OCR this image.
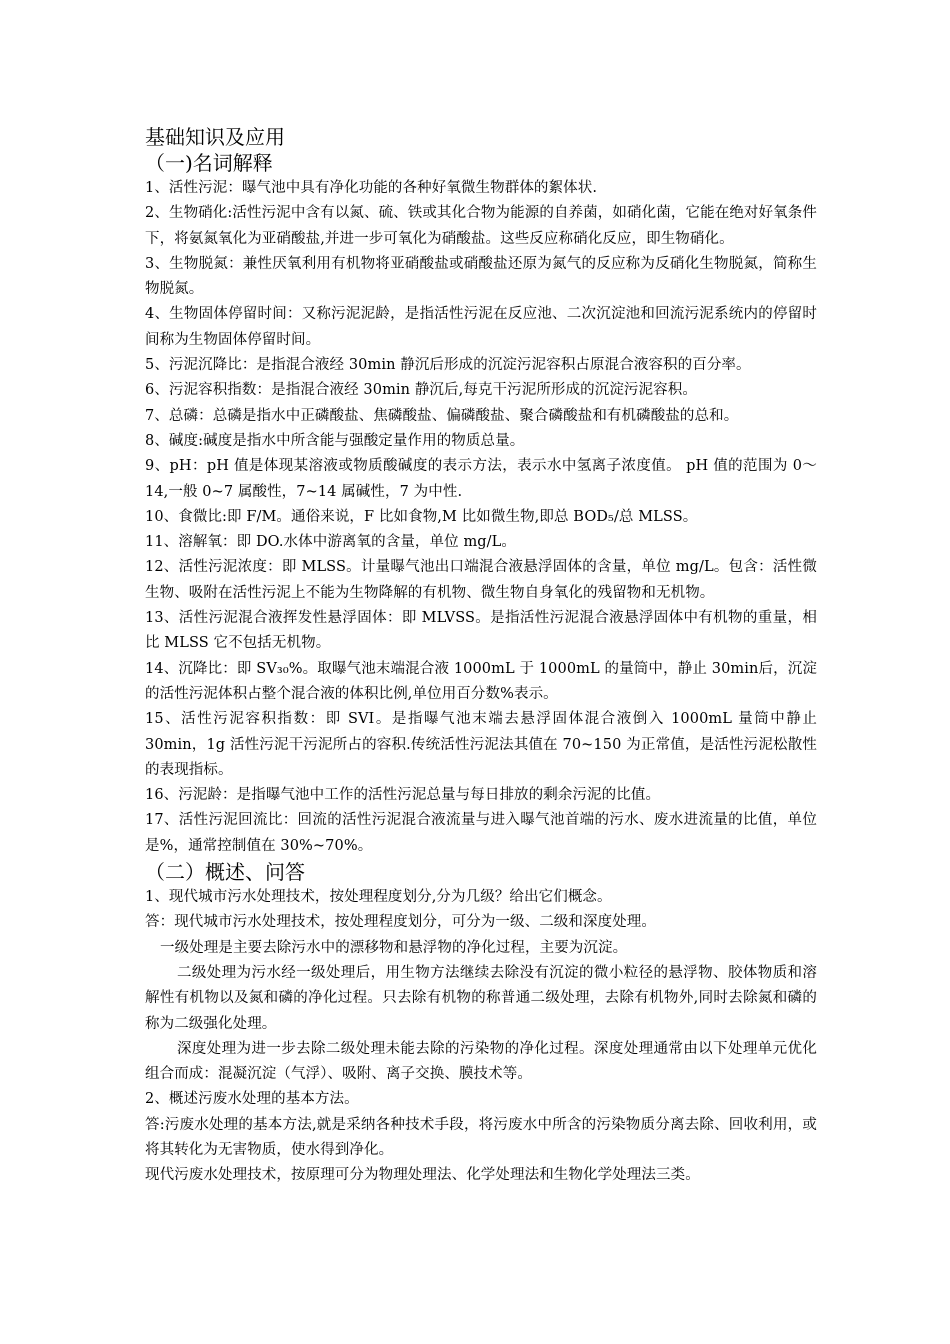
基础知识及应用
（一)名词解释

1、活性污泥：曝气池中具有净化功能的各种好氧微生物群体的絮体状.

2、生物硝化:活性污泥中含有以氮、硫、铁或其化合物为能源的自养菌，如硝化菌，它能在绝对好氧条件下，将氨氮氧化为亚硝酸盐,并进一步可氧化为硝酸盐。这些反应称硝化反应，即生物硝化。

3、生物脱氮：兼性厌氧利用有机物将亚硝酸盐或硝酸盐还原为氮气的反应称为反硝化生物脱氮，简称生物脱氮。

4、生物固体停留时间：又称污泥泥龄，是指活性污泥在反应池、二次沉淀池和回流污泥系统内的停留时间称为生物固体停留时间。

5、污泥沉降比：是指混合液经 30min 静沉后形成的沉淀污泥容积占原混合液容积的百分率。

6、污泥容积指数：是指混合液经 30min 静沉后,每克干污泥所形成的沉淀污泥容积。

7、总磷：总磷是指水中正磷酸盐、焦磷酸盐、偏磷酸盐、聚合磷酸盐和有机磷酸盐的总和。

8、碱度:碱度是指水中所含能与强酸定量作用的物质总量。

9、pH：pH 值是体现某溶液或物质酸碱度的表示方法，表示水中氢离子浓度值。 pH 值的范围为 0～14,一般 0~7 属酸性，7~14 属碱性，7 为中性.

10、食微比:即 F/M。通俗来说，F 比如食物,M 比如微生物,即总 BOD₅/总 MLSS。

11、溶解氧：即 DO.水体中游离氧的含量，单位 mg/L。

12、活性污泥浓度：即 MLSS。计量曝气池出口端混合液悬浮固体的含量，单位 mg/L。包含：活性微生物、吸附在活性污泥上不能为生物降解的有机物、微生物自身氧化的残留物和无机物。

13、活性污泥混合液挥发性悬浮固体：即 MLVSS。是指活性污泥混合液悬浮固体中有机物的重量，相比 MLSS 它不包括无机物。

14、沉降比：即 SV₃₀%。取曝气池末端混合液 1000mL 于 1000mL 的量筒中，静止 30min后，沉淀的活性污泥体积占整个混合液的体积比例,单位用百分数%表示。

15、活性污泥容积指数：即 SVI。是指曝气池末端去悬浮固体混合液倒入 1000mL 量筒中静止 30min，1g 活性污泥干污泥所占的容积.传统活性污泥法其值在 70~150 为正常值，是活性污泥松散性的表现指标。

16、污泥龄：是指曝气池中工作的活性污泥总量与每日排放的剩余污泥的比值。

17、活性污泥回流比：回流的活性污泥混合液流量与进入曝气池首端的污水、废水进流量的比值，单位是%，通常控制值在 30%~70%。

（二）概述、问答

1、现代城市污水处理技术，按处理程度划分,分为几级？给出它们概念。

答：现代城市污水处理技术，按处理程度划分，可分为一级、二级和深度处理。

一级处理是主要去除污水中的漂移物和悬浮物的净化过程，主要为沉淀。

二级处理为污水经一级处理后，用生物方法继续去除没有沉淀的微小粒径的悬浮物、胶体物质和溶解性有机物以及氮和磷的净化过程。只去除有机物的称普通二级处理，去除有机物外,同时去除氮和磷的称为二级强化处理。

深度处理为进一步去除二级处理未能去除的污染物的净化过程。深度处理通常由以下处理单元优化组合而成：混凝沉淀（气浮）、吸附、离子交换、膜技术等。

2、概述污废水处理的基本方法。

答:污废水处理的基本方法,就是采纳各种技术手段，将污废水中所含的污染物质分离去除、回收利用，或将其转化为无害物质，使水得到净化。

现代污废水处理技术，按原理可分为物理处理法、化学处理法和生物化学处理法三类。
